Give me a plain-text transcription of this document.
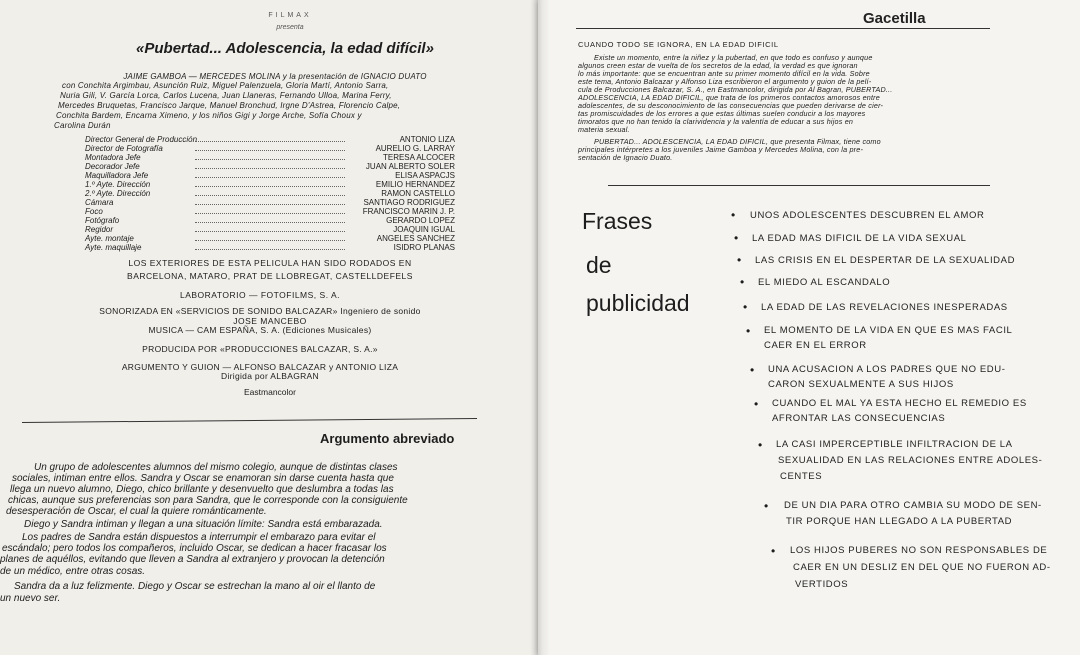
FILMAX
presenta
«Pubertad... Adolescencia, la edad difícil»
JAIME GAMBOA — MERCEDES MOLINA y la presentación de IGNACIO DUATO
con Conchita Argimbau, Asunción Ruiz, Miguel Palenzuela, Gloria Martí, Antonio Sarra,
Nuria Gili, V. García Lorca, Carlos Lucena, Juan Llaneras, Fernando Ulloa, Marina Ferry,
Mercedes Bruquetas, Francisco Jarque, Manuel Bronchud, Irgne D'Astrea, Florencio Calpe,
Conchita Bardem, Encarna Ximeno, y los niños Gigi y Jorge Arche, Sofía Choux y
Carolina Durán
Director General de Producción	ANTONIO LIZA
Director de Fotografía	AURELIO G. LARRAY
Montadora Jefe	TERESA ALCOCER
Decorador Jefe	JUAN ALBERTO SOLER
Maquilladora Jefe	ELISA ASPACJS
1.º Ayte. Dirección	EMILIO HERNANDEZ
2.º Ayte. Dirección	RAMON CASTELLO
Cámara	SANTIAGO RODRIGUEZ
Foco	FRANCISCO MARIN J. P.
Fotógrafo	GERARDO LOPEZ
Regidor	JOAQUIN IGUAL
Ayte. montaje	ANGELES SANCHEZ
Ayte. maquillaje	ISIDRO PLANAS
LOS EXTERIORES DE ESTA PELICULA HAN SIDO RODADOS EN
BARCELONA, MATARO, PRAT DE LLOBREGAT, CASTELLDEFELS
LABORATORIO — FOTOFILMS, S. A.
SONORIZADA EN «SERVICIOS DE SONIDO BALCAZAR» Ingeniero de sonido
JOSE MANCEBO
MUSICA — CAM ESPAÑA, S. A. (Ediciones Musicales)
PRODUCIDA POR «PRODUCCIONES BALCAZAR, S. A.»
ARGUMENTO Y GUION — ALFONSO BALCAZAR y ANTONIO LIZA
Dirigida por ALBAGRAN
Eastmancolor
Argumento abreviado
Un grupo de adolescentes alumnos del mismo colegio, aunque de distintas clases
sociales, intiman entre ellos. Sandra y Oscar se enamoran sin darse cuenta hasta que
llega un nuevo alumno, Diego, chico brillante y desenvuelto que deslumbra a todas las
chicas, aunque sus preferencias son para Sandra, que le corresponde con la consiguiente
desesperación de Oscar, el cual la quiere románticamente.
Diego y Sandra intiman y llegan a una situación límite: Sandra está embarazada.
Los padres de Sandra están dispuestos a interrumpir el embarazo para evitar el
escándalo; pero todos los compañeros, incluido Oscar, se dedican a hacer fracasar los
planes de aquéllos, evitando que lleven a Sandra al extranjero y provocan la detención
de un médico, entre otras cosas.
Sandra da a luz felizmente. Diego y Oscar se estrechan la mano al oir el llanto de
un nuevo ser.
Gacetilla
CUANDO TODO SE IGNORA, EN LA EDAD DIFICIL
Existe un momento, entre la niñez y la pubertad, en que todo es confuso y aunque
algunos creen estar de vuelta de los secretos de la edad, la verdad es que ignoran
lo más importante: que se encuentran ante su primer momento difícil en la vida. Sobre
este tema, Antonio Balcazar y Alfonso Liza escribieron el argumento y guion de la pelí-
cula de Producciones Balcazar, S. A., en Eastmancolor, dirigida por Al Bagran, PUBERTAD...
ADOLESCENCIA, LA EDAD DIFICIL, que trata de los primeros contactos amorosos entre
adolescentes, de su desconocimiento de las consecuencias que pueden derivarse de cier-
tas promiscuidades de los errores a que estas últimas suelen conducir a los mayores
timoratos que no han tenido la clarividencia y la valentía de educar a sus hijos en
materia sexual.
PUBERTAD... ADOLESCENCIA, LA EDAD DIFICIL, que presenta Filmax, tiene como
principales intérpretes a los juveniles Jaime Gamboa y Mercedes Molina, con la pre-
sentación de Ignacio Duato.
Frases
de
publicidad
•	UNOS ADOLESCENTES DESCUBREN EL AMOR
•	LA EDAD MAS DIFICIL DE LA VIDA SEXUAL
•	LAS CRISIS EN EL DESPERTAR DE LA SEXUALIDAD
•	EL MIEDO AL ESCANDALO
•	LA EDAD DE LAS REVELACIONES INESPERADAS
•	EL MOMENTO DE LA VIDA EN QUE ES MAS FACIL
CAER EN EL ERROR
•	UNA ACUSACION A LOS PADRES QUE NO EDU-
CARON SEXUALMENTE A SUS HIJOS
•	CUANDO EL MAL YA ESTA HECHO EL REMEDIO ES
AFRONTAR LAS CONSECUENCIAS
•	LA CASI IMPERCEPTIBLE INFILTRACION DE LA
SEXUALIDAD EN LAS RELACIONES ENTRE ADOLES-
CENTES
•	DE UN DIA PARA OTRO CAMBIA SU MODO DE SEN-
TIR PORQUE HAN LLEGADO A LA PUBERTAD
•	LOS HIJOS PUBERES NO SON RESPONSABLES DE
CAER EN UN DESLIZ EN DEL QUE NO FUERON AD-
VERTIDOS
